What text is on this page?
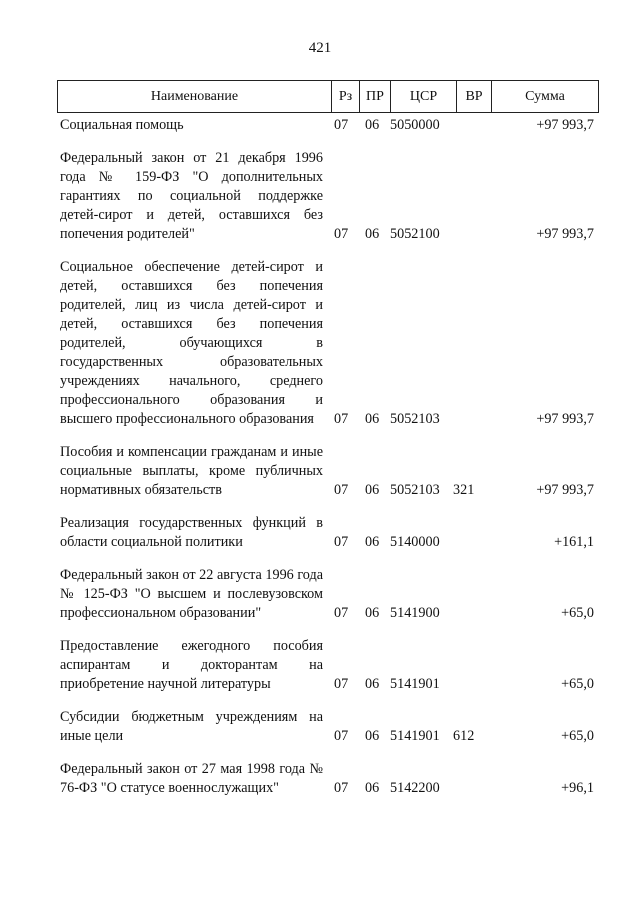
421
Наименование	Рз ПР	ЦСР	ВР	Сумма
Социальная помощь	07 06 5050000	+97 993,7
Федеральный закон от 21 декабря 1996 года № 159-ФЗ "О дополнительных гарантиях по социальной поддержке детей-сирот и детей, оставшихся без попечения родителей"	07 06 5052100	+97 993,7
Социальное обеспечение детей-сирот и детей, оставшихся без попечения родителей, лиц из числа детей-сирот и детей, оставшихся без попечения родителей, обучающихся в государственных образовательных учреждениях начального, среднего профессионального образования и высшего профессионального образования	07 06 5052103	+97 993,7
Пособия и компенсации гражданам и иные социальные выплаты, кроме публичных нормативных обязательств	07 06 5052103 321	+97 993,7
Реализация государственных функций в области социальной политики	07 06 5140000	+161,1
Федеральный закон от 22 августа 1996 года № 125-ФЗ "О высшем и послевузовском профессиональном образовании"	07 06 5141900	+65,0
Предоставление ежегодного пособия аспирантам и докторантам на приобретение научной литературы	07 06 5141901	+65,0
Субсидии бюджетным учреждениям на иные цели	07 06 5141901 612	+65,0
Федеральный закон от 27 мая 1998 года № 76-ФЗ "О статусе военнослужащих"	07 06 5142200	+96,1
